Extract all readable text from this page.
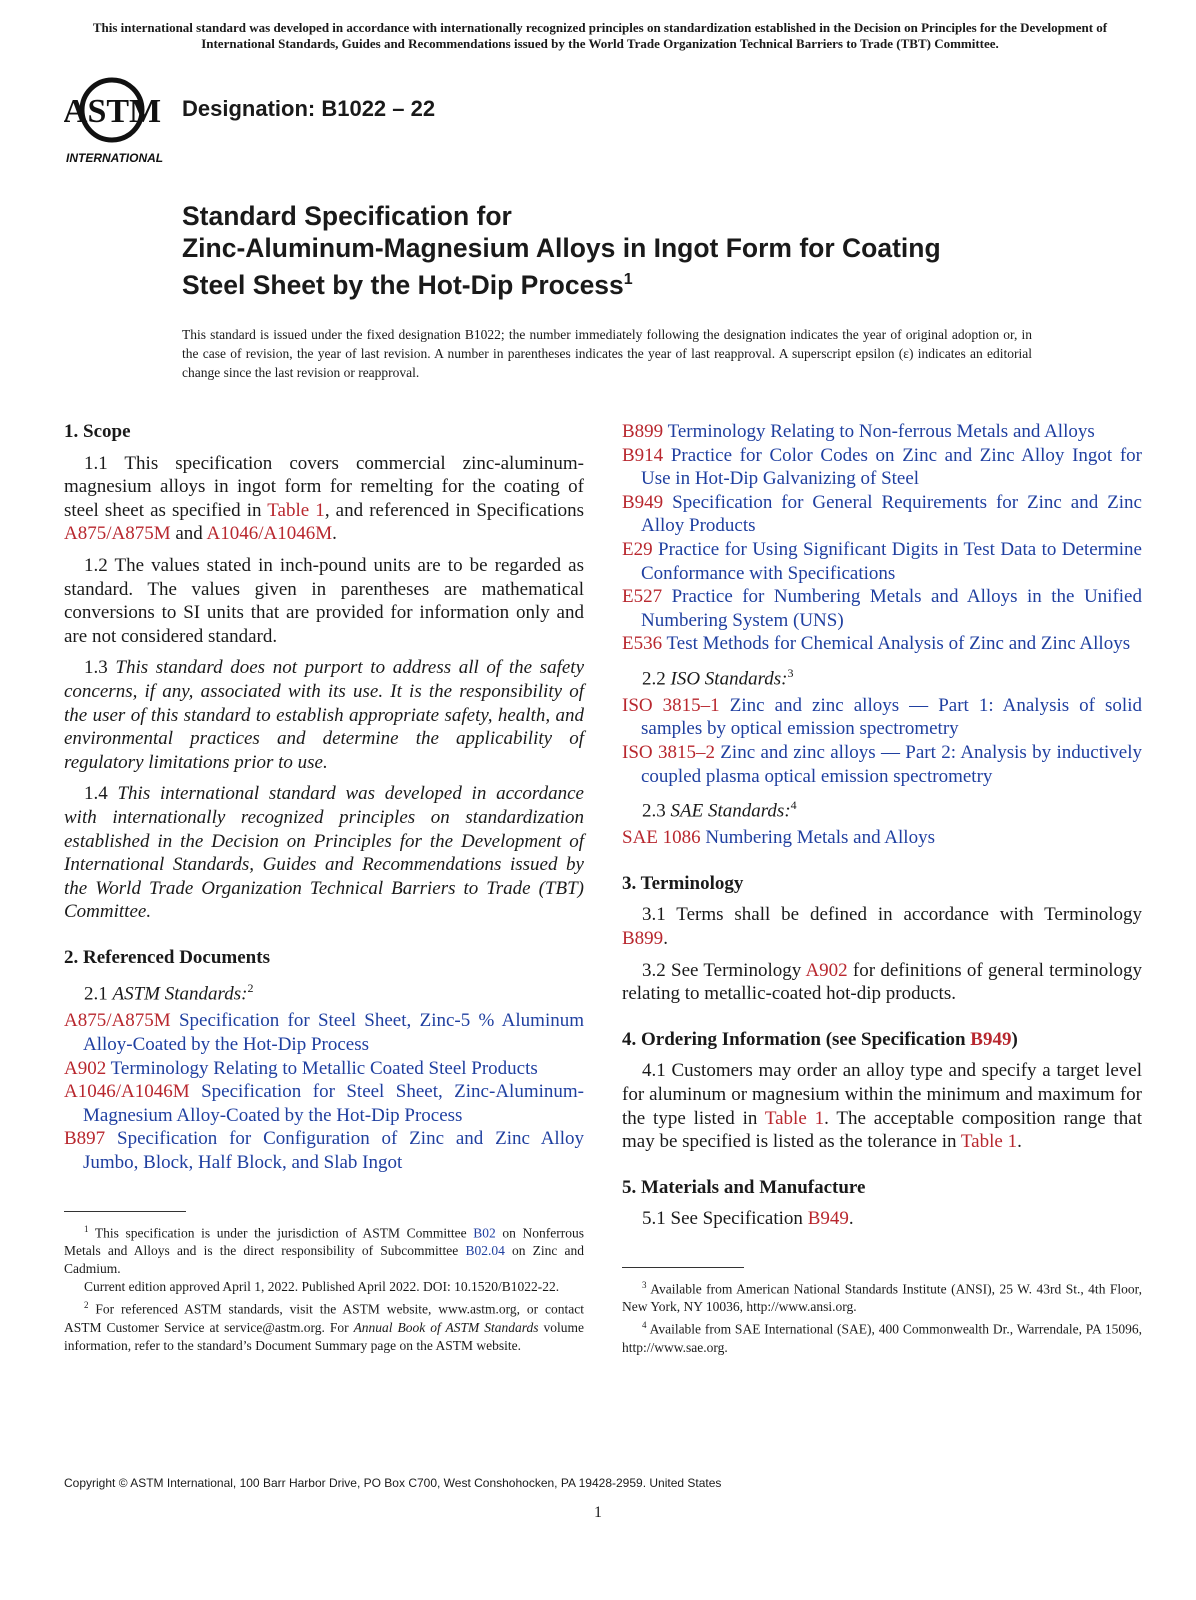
This international standard was developed in accordance with internationally recognized principles on standardization established in the Decision on Principles for the Development of International Standards, Guides and Recommendations issued by the World Trade Organization Technical Barriers to Trade (TBT) Committee.
ASTM
INTERNATIONAL
Designation: B1022 – 22
Standard Specification for
Zinc-Aluminum-Magnesium Alloys in Ingot Form for Coating
Steel Sheet by the Hot-Dip Process$^1$
This standard is issued under the fixed designation B1022; the number immediately following the designation indicates the year of original adoption or, in the case of revision, the year of last revision. A number in parentheses indicates the year of last reapproval. A superscript epsilon (ε) indicates an editorial change since the last revision or reapproval.
1. Scope

1.1 This specification covers commercial zinc-aluminum-magnesium alloys in ingot form for remelting for the coating of steel sheet as specified in Table 1, and referenced in Specifications A875/A875M and A1046/A1046M.

1.2 The values stated in inch-pound units are to be regarded as standard. The values given in parentheses are mathematical conversions to SI units that are provided for information only and are not considered standard.

1.3 This standard does not purport to address all of the safety concerns, if any, associated with its use. It is the responsibility of the user of this standard to establish appropriate safety, health, and environmental practices and determine the applicability of regulatory limitations prior to use.

1.4 This international standard was developed in accordance with internationally recognized principles on standardization established in the Decision on Principles for the Development of International Standards, Guides and Recommendations issued by the World Trade Organization Technical Barriers to Trade (TBT) Committee.

2. Referenced Documents
2.1 ASTM Standards:$^2$
A875/A875M Specification for Steel Sheet, Zinc-5 % Aluminum Alloy-Coated by the Hot-Dip Process
A902 Terminology Relating to Metallic Coated Steel Products
A1046/A1046M Specification for Steel Sheet, Zinc-Aluminum-Magnesium Alloy-Coated by the Hot-Dip Process
B897 Specification for Configuration of Zinc and Zinc Alloy Jumbo, Block, Half Block, and Slab Ingot

$^1$ This specification is under the jurisdiction of ASTM Committee B02 on Nonferrous Metals and Alloys and is the direct responsibility of Subcommittee B02.04 on Zinc and Cadmium.

Current edition approved April 1, 2022. Published April 2022. DOI: 10.1520/B1022-22.

$^2$ For referenced ASTM standards, visit the ASTM website, www.astm.org, or contact ASTM Customer Service at service@astm.org. For Annual Book of ASTM Standards volume information, refer to the standard’s Document Summary page on the ASTM website.

B899 Terminology Relating to Non-ferrous Metals and Alloys
B914 Practice for Color Codes on Zinc and Zinc Alloy Ingot for Use in Hot-Dip Galvanizing of Steel
B949 Specification for General Requirements for Zinc and Zinc Alloy Products
E29 Practice for Using Significant Digits in Test Data to Determine Conformance with Specifications
E527 Practice for Numbering Metals and Alloys in the Unified Numbering System (UNS)
E536 Test Methods for Chemical Analysis of Zinc and Zinc Alloys
2.2 ISO Standards:$^3$
ISO 3815–1 Zinc and zinc alloys — Part 1: Analysis of solid samples by optical emission spectrometry
ISO 3815–2 Zinc and zinc alloys — Part 2: Analysis by inductively coupled plasma optical emission spectrometry
2.3 SAE Standards:$^4$
SAE 1086 Numbering Metals and Alloys
3. Terminology

3.1 Terms shall be defined in accordance with Terminology B899.

3.2 See Terminology A902 for definitions of general terminology relating to metallic-coated hot-dip products.

4. Ordering Information (see Specification B949)

4.1 Customers may order an alloy type and specify a target level for aluminum or magnesium within the minimum and maximum for the type listed in Table 1. The acceptable composition range that may be specified is listed as the tolerance in Table 1.

5. Materials and Manufacture

5.1 See Specification B949.

$^3$ Available from American National Standards Institute (ANSI), 25 W. 43rd St., 4th Floor, New York, NY 10036, http://www.ansi.org.

$^4$ Available from SAE International (SAE), 400 Commonwealth Dr., Warrendale, PA 15096, http://www.sae.org.

Copyright © ASTM International, 100 Barr Harbor Drive, PO Box C700, West Conshohocken, PA 19428-2959. United States
1
